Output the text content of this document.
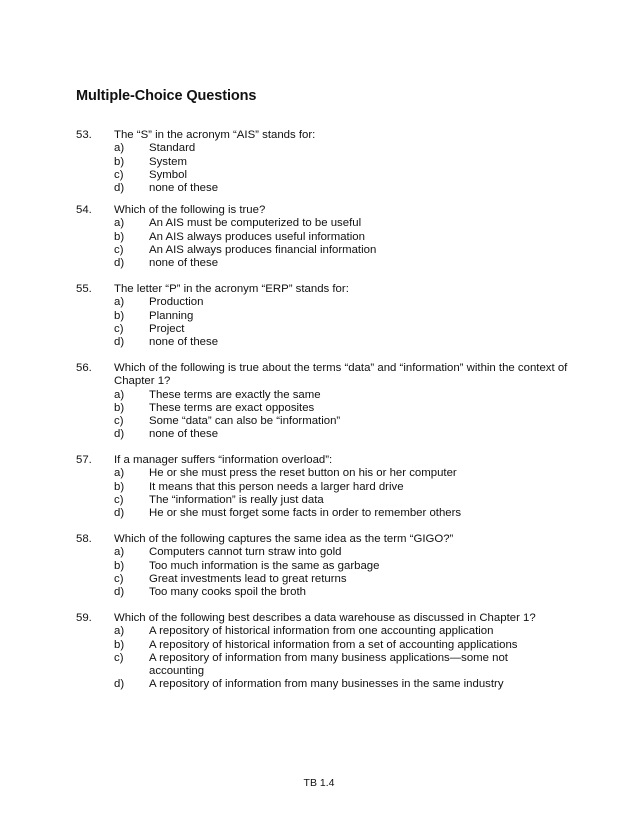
Multiple-Choice Questions
53.	The “S” in the acronym “AIS” stands for:
a)	Standard
b)	System
c)	Symbol
d)	none of these
54.	Which of the following is true?
a)	An AIS must be computerized to be useful
b)	An AIS always produces useful information
c)	An AIS always produces financial information
d)	none of these
55.	The letter “P” in the acronym “ERP” stands for:
a)	Production
b)	Planning
c)	Project
d)	none of these
56.	Which of the following is true about the terms “data” and “information” within the context of Chapter 1?
a)	These terms are exactly the same
b)	These terms are exact opposites
c)	Some “data” can also be “information”
d)	none of these
57.	If a manager suffers “information overload”:
a)	He or she must press the reset button on his or her computer
b)	It means that this person needs a larger hard drive
c)	The “information” is really just data
d)	He or she must forget some facts in order to remember others
58.	Which of the following captures the same idea as the term “GIGO?”
a)	Computers cannot turn straw into gold
b)	Too much information is the same as garbage
c)	Great investments lead to great returns
d)	Too many cooks spoil the broth
59.	Which of the following best describes a data warehouse as discussed in Chapter 1?
a)	A repository of historical information from one accounting application
b)	A repository of historical information from a set of accounting applications
c)	A repository of information from many business applications—some not accounting
d)	A repository of information from many businesses in the same industry
TB 1.4
